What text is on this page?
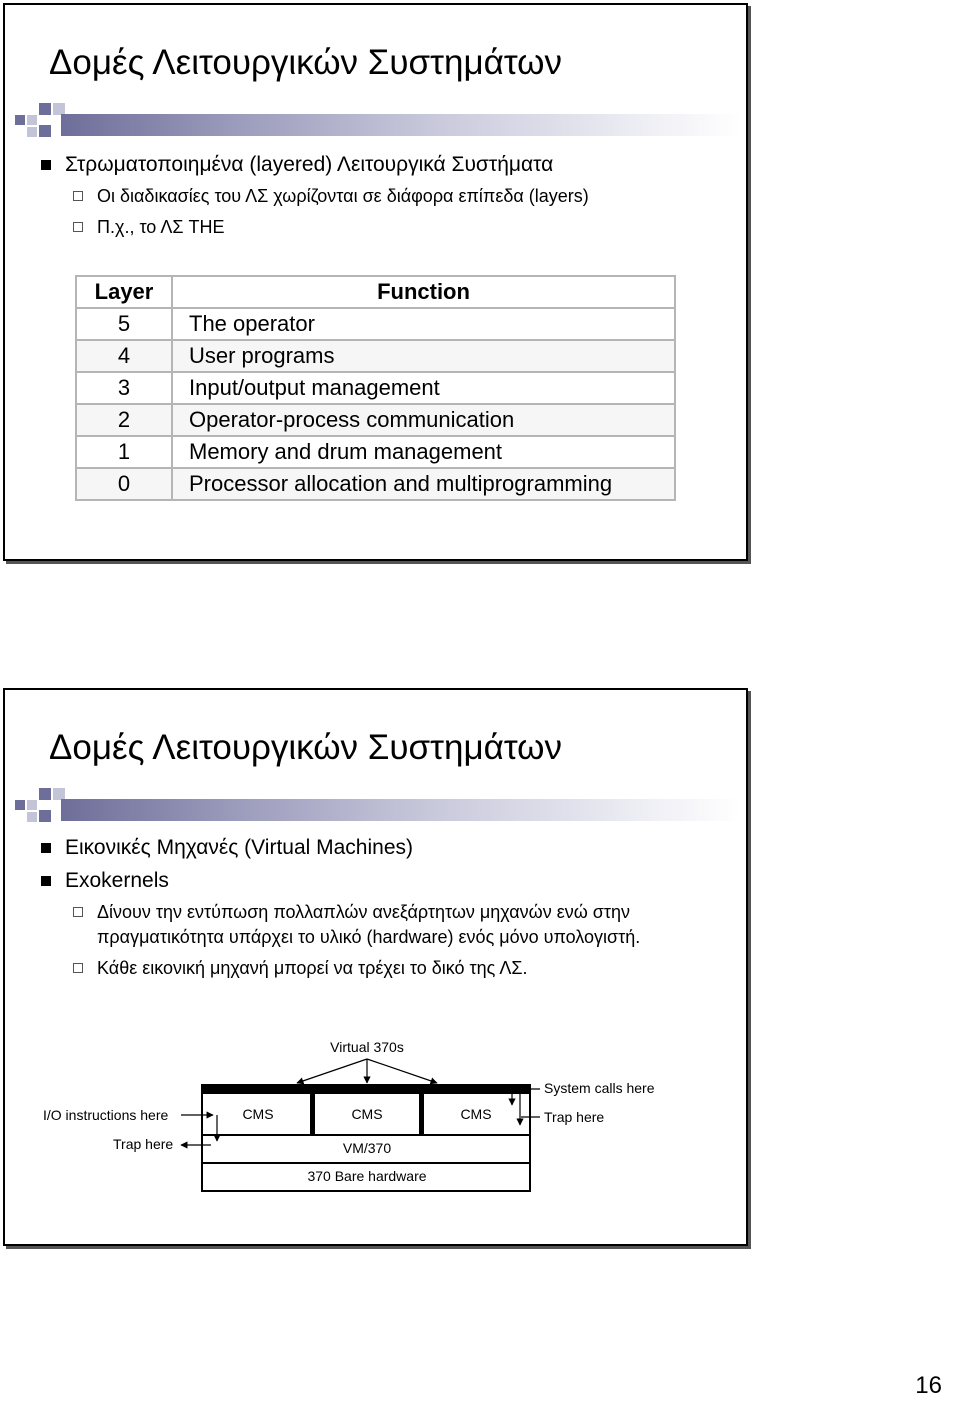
Δομές Λειτουργικών Συστημάτων
Στρωματοποιημένα (layered) Λειτουργικά Συστήματα
Οι διαδικασίες του ΛΣ χωρίζονται σε διάφορα επίπεδα (layers)
Π.χ., το ΛΣ THE
Layer	Function
5	The operator
4	User programs
3	Input/output management
2	Operator-process communication
1	Memory and drum management
0	Processor allocation and multiprogramming
Δομές Λειτουργικών Συστημάτων
Εικονικές Μηχανές (Virtual Machines)
Exokernels
Δίνουν την εντύπωση πολλαπλών ανεξάρτητων μηχανών ενώ στην πραγματικότητα υπάρχει το υλικό (hardware) ενός μόνο υπολογιστή.
Κάθε εικονική μηχανή μπορεί να τρέχει το δικό της ΛΣ.
Virtual 370s
CMS	CMS	CMS
VM/370
370 Bare hardware
I/O instructions here
Trap here
System calls here
Trap here
16
